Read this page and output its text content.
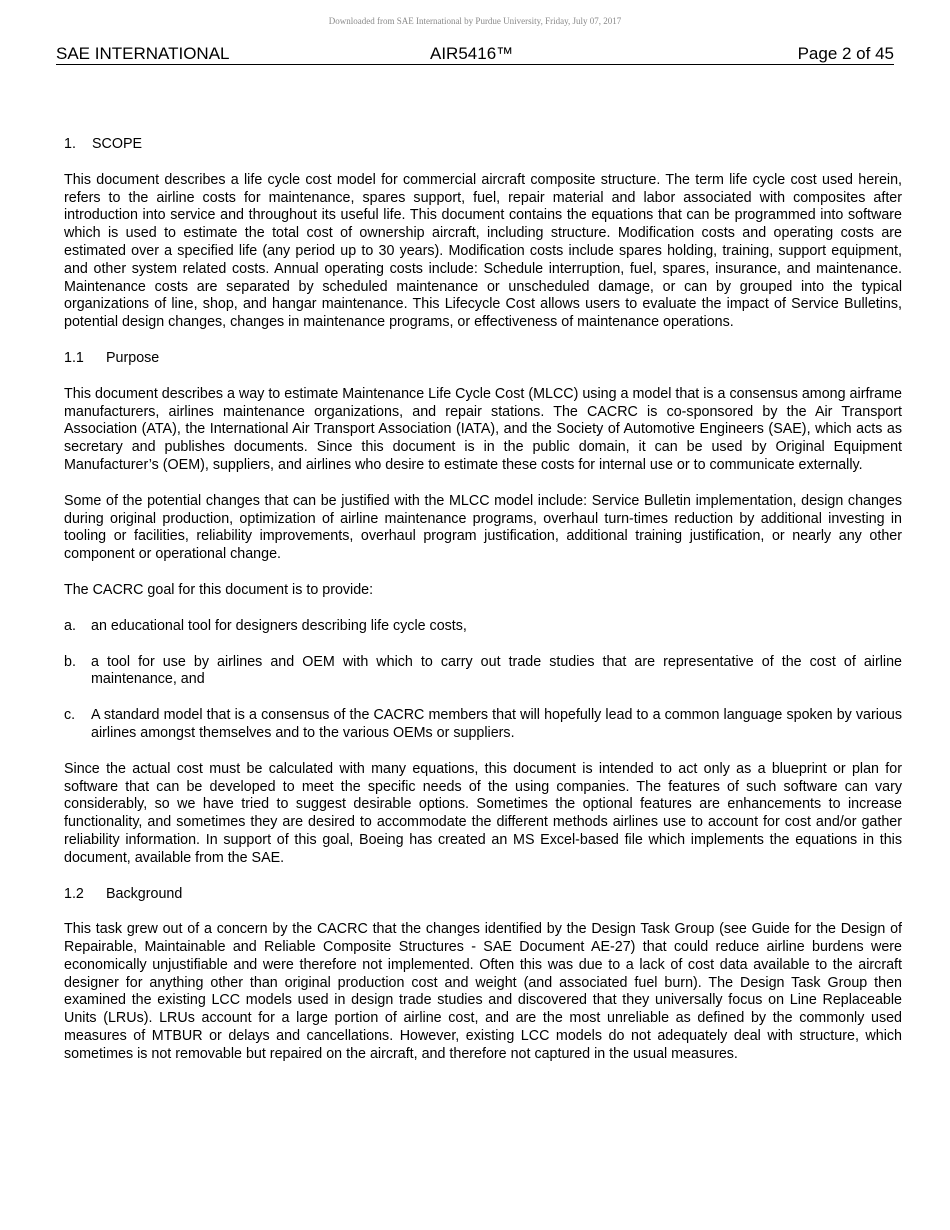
Downloaded from SAE International by Purdue University, Friday, July 07, 2017
SAE INTERNATIONAL	AIR5416™	Page 2 of 45
1. SCOPE

This document describes a life cycle cost model for commercial aircraft composite structure. The term life cycle cost used herein, refers to the airline costs for maintenance, spares support, fuel, repair material and labor associated with composites after introduction into service and throughout its useful life. This document contains the equations that can be programmed into software which is used to estimate the total cost of ownership aircraft, including structure. Modification costs and operating costs are estimated over a specified life (any period up to 30 years). Modification costs include spares holding, training, support equipment, and other system related costs. Annual operating costs include: Schedule interruption, fuel, spares, insurance, and maintenance. Maintenance costs are separated by scheduled maintenance or unscheduled damage, or can by grouped into the typical organizations of line, shop, and hangar maintenance. This Lifecycle Cost allows users to evaluate the impact of Service Bulletins, potential design changes, changes in maintenance programs, or effectiveness of maintenance operations.

1.1 Purpose

This document describes a way to estimate Maintenance Life Cycle Cost (MLCC) using a model that is a consensus among airframe manufacturers, airlines maintenance organizations, and repair stations. The CACRC is co-sponsored by the Air Transport Association (ATA), the International Air Transport Association (IATA), and the Society of Automotive Engineers (SAE), which acts as secretary and publishes documents. Since this document is in the public domain, it can be used by Original Equipment Manufacturer’s (OEM), suppliers, and airlines who desire to estimate these costs for internal use or to communicate externally.

Some of the potential changes that can be justified with the MLCC model include: Service Bulletin implementation, design changes during original production, optimization of airline maintenance programs, overhaul turn-times reduction by additional investing in tooling or facilities, reliability improvements, overhaul program justification, additional training justification, or nearly any other component or operational change.

The CACRC goal for this document is to provide:

a.	an educational tool for designers describing life cycle costs,
b.	a tool for use by airlines and OEM with which to carry out trade studies that are representative of the cost of airline maintenance, and
c.	A standard model that is a consensus of the CACRC members that will hopefully lead to a common language spoken by various airlines amongst themselves and to the various OEMs or suppliers.

Since the actual cost must be calculated with many equations, this document is intended to act only as a blueprint or plan for software that can be developed to meet the specific needs of the using companies. The features of such software can vary considerably, so we have tried to suggest desirable options. Sometimes the optional features are enhancements to increase functionality, and sometimes they are desired to accommodate the different methods airlines use to account for cost and/or gather reliability information. In support of this goal, Boeing has created an MS Excel-based file which implements the equations in this document, available from the SAE.

1.2 Background

This task grew out of a concern by the CACRC that the changes identified by the Design Task Group (see Guide for the Design of Repairable, Maintainable and Reliable Composite Structures - SAE Document AE-27) that could reduce airline burdens were economically unjustifiable and were therefore not implemented. Often this was due to a lack of cost data available to the aircraft designer for anything other than original production cost and weight (and associated fuel burn). The Design Task Group then examined the existing LCC models used in design trade studies and discovered that they universally focus on Line Replaceable Units (LRUs). LRUs account for a large portion of airline cost, and are the most unreliable as defined by the commonly used measures of MTBUR or delays and cancellations. However, existing LCC models do not adequately deal with structure, which sometimes is not removable but repaired on the aircraft, and therefore not captured in the usual measures.
